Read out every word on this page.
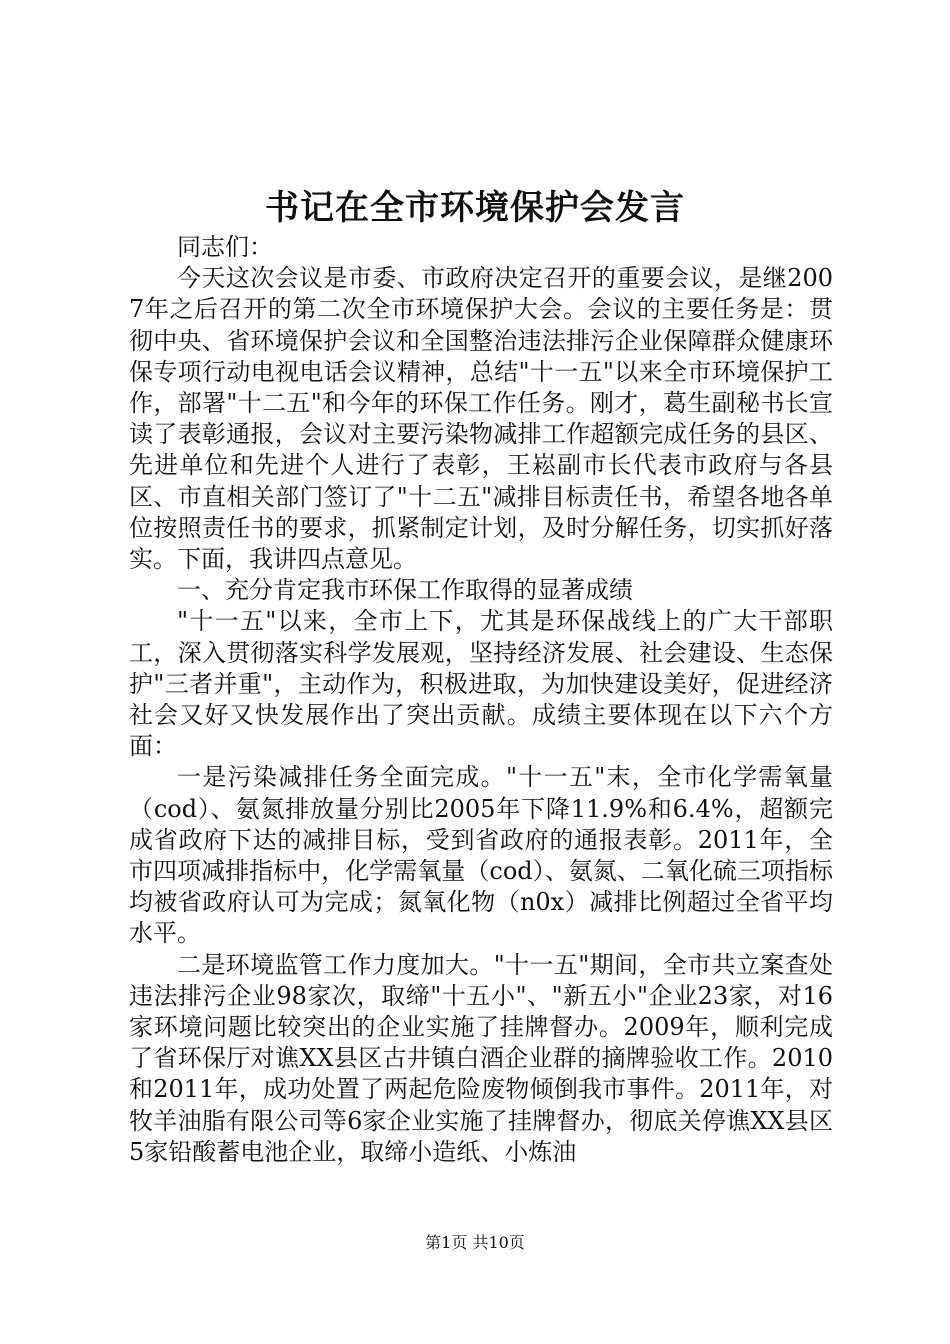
书记在全市环境保护会发言

同志们：

今天这次会议是市委、市政府决定召开的重要会议，是继2007年之后召开的第二次全市环境保护大会。会议的主要任务是：贯彻中央、省环境保护会议和全国整治违法排污企业保障群众健康环保专项行动电视电话会议精神，总结"十一五"以来全市环境保护工作，部署"十二五"和今年的环保工作任务。刚才，葛生副秘书长宣读了表彰通报，会议对主要污染物减排工作超额完成任务的县区、先进单位和先进个人进行了表彰，王崧副市长代表市政府与各县区、市直相关部门签订了"十二五"减排目标责任书，希望各地各单位按照责任书的要求，抓紧制定计划，及时分解任务，切实抓好落实。下面，我讲四点意见。

一、充分肯定我市环保工作取得的显著成绩

"十一五"以来，全市上下，尤其是环保战线上的广大干部职工，深入贯彻落实科学发展观，坚持经济发展、社会建设、生态保护"三者并重"，主动作为，积极进取，为加快建设美好，促进经济社会又好又快发展作出了突出贡献。成绩主要体现在以下六个方面：

一是污染减排任务全面完成。"十一五"末，全市化学需氧量（cod）、氨氮排放量分别比2005年下降11.9%和6.4%，超额完成省政府下达的减排目标，受到省政府的通报表彰。2011年，全市四项减排指标中，化学需氧量（cod）、氨氮、二氧化硫三项指标均被省政府认可为完成；氮氧化物（n0x）减排比例超过全省平均水平。

二是环境监管工作力度加大。"十一五"期间，全市共立案查处违法排污企业98家次，取缔"十五小"、"新五小"企业23家，对16家环境问题比较突出的企业实施了挂牌督办。2009年，顺利完成了省环保厅对谯XX县区古井镇白酒企业群的摘牌验收工作。2010和2011年，成功处置了两起危险废物倾倒我市事件。2011年，对牧羊油脂有限公司等6家企业实施了挂牌督办，彻底关停谯XX县区5家铅酸蓄电池企业，取缔小造纸、小炼油

第1页 共10页
